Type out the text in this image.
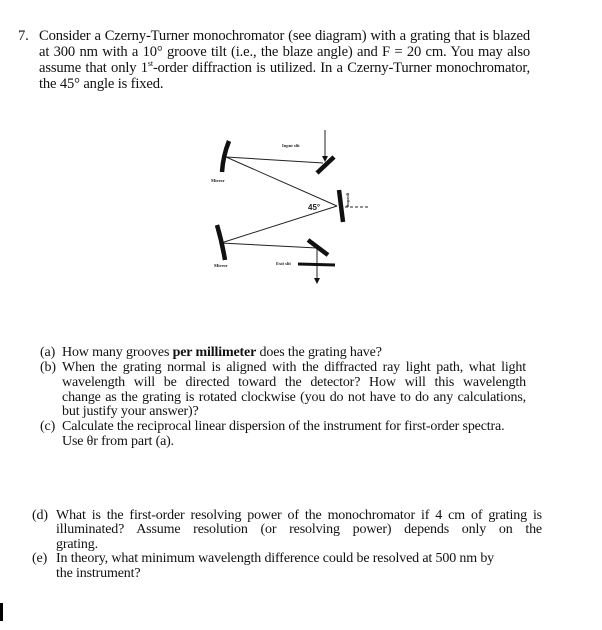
7. Consider a Czerny-Turner monochromator (see diagram) with a grating that is blazed
at 300 nm with a 10° groove tilt (i.e., the blaze angle) and F = 20 cm. You may also
assume that only 1st-order diffraction is utilized. In a Czerny-Turner monochromator,
the 45° angle is fixed.
Input slit
Mirror
grating
Mirror	Exit slit
45°
(a) How many grooves per millimeter does the grating have?
(b) When the grating normal is aligned with the diffracted ray light path, what light
wavelength will be directed toward the detector? How will this wavelength
change as the grating is rotated clockwise (you do not have to do any calculations,
but justify your answer)?
(c) Calculate the reciprocal linear dispersion of the instrument for first-order spectra.
Use θr from part (a).
(d) What is the first-order resolving power of the monochromator if 4 cm of grating is
illuminated? Assume resolution (or resolving power) depends only on the
grating.
(e) In theory, what minimum wavelength difference could be resolved at 500 nm by
the instrument?
